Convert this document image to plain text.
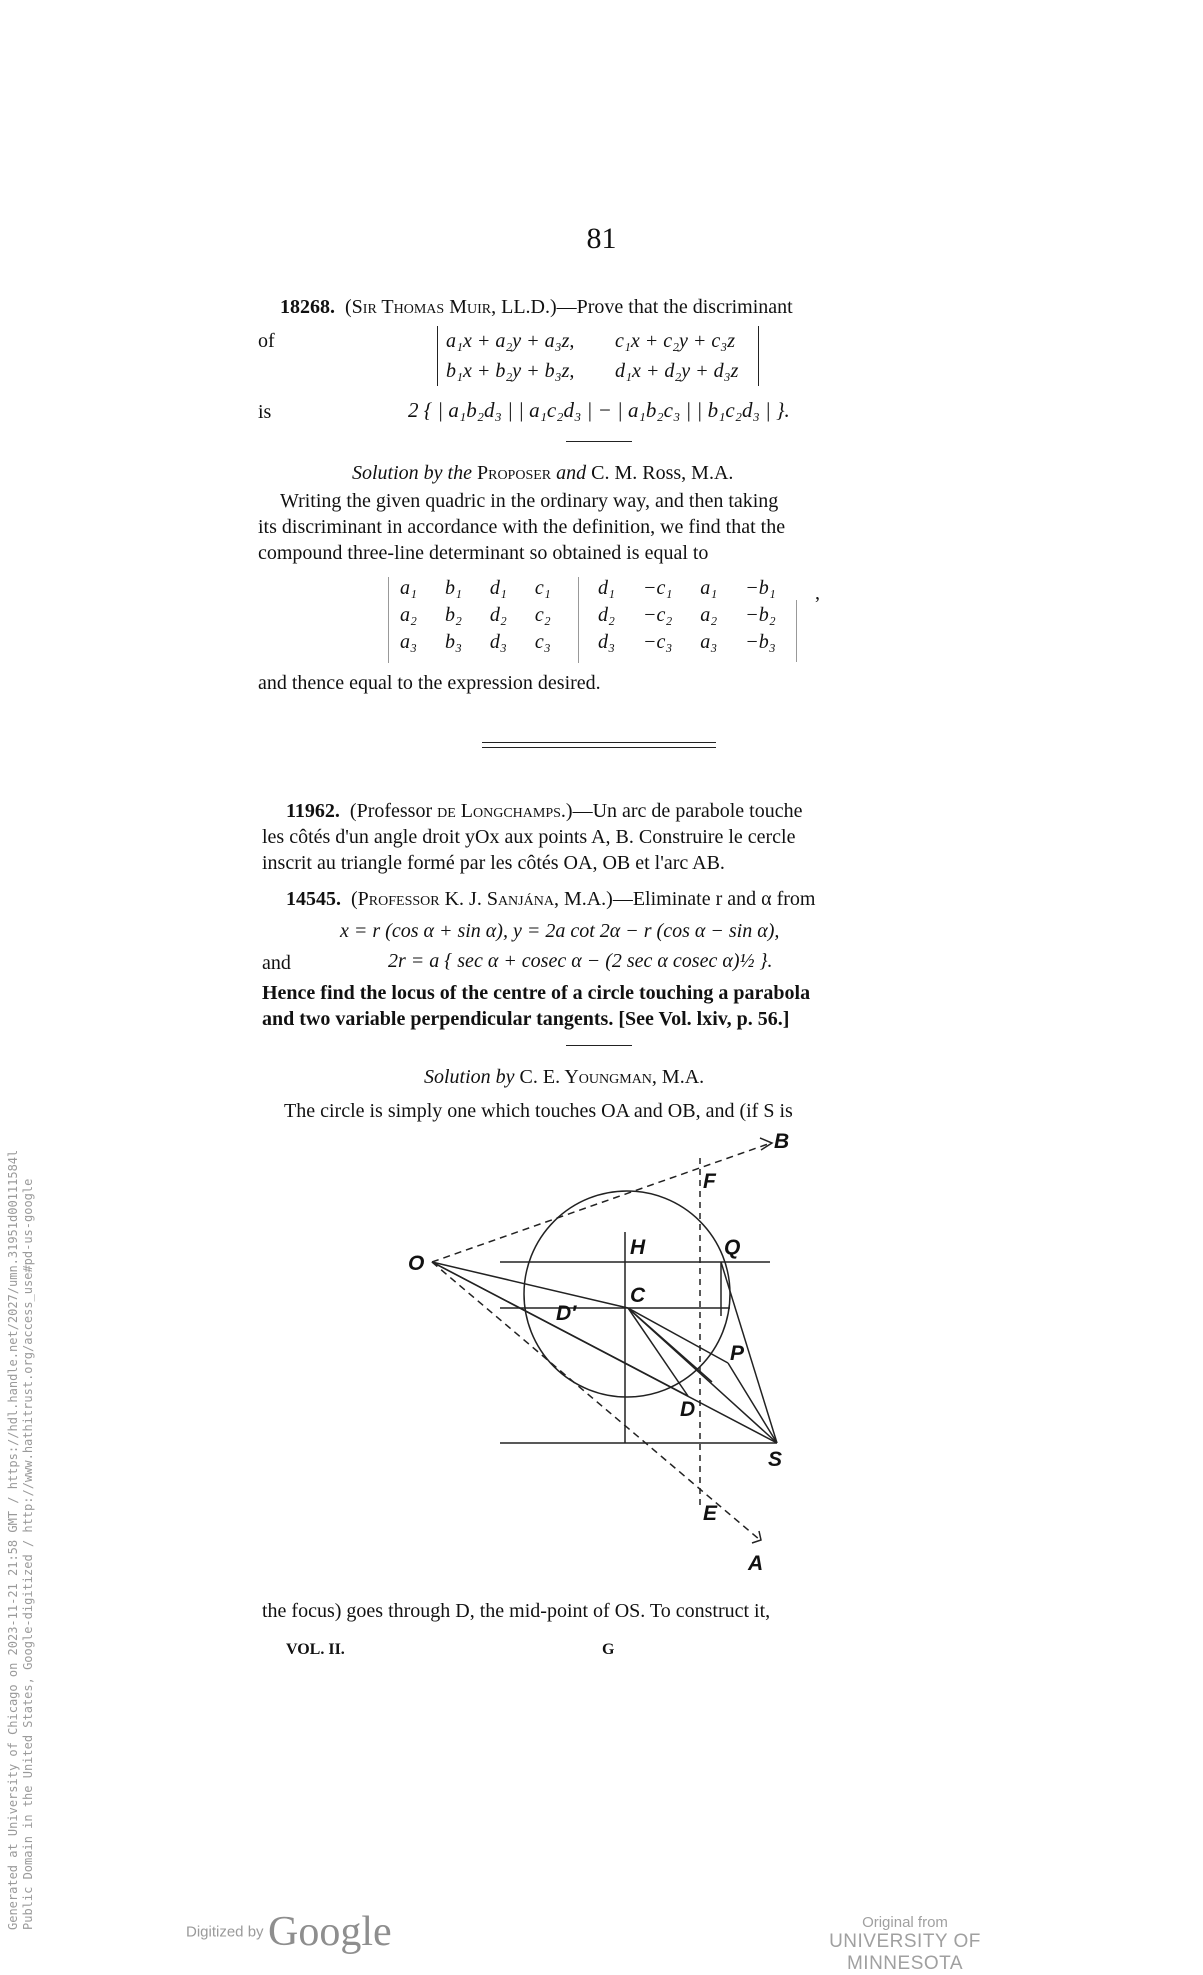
81
18268. (Sir Thomas Muir, LL.D.)—Prove that the discriminant
of	a₁x + a₂y + a₃z, c₁x + c₂y + c₃z
b₁x + b₂y + b₃z, d₁x + d₂y + d₃z
is	2 { | a₁b₂d₃ | | a₁c₂d₃ | − | a₁b₂c₃ | | b₁c₂d₃ | }.
Solution by the Proposer and C. M. Ross, M.A.
Writing the given quadric in the ordinary way, and then taking
its discriminant in accordance with the definition, we find that the
compound three-line determinant so obtained is equal to
a₁	b₁	d₁	c₁
a₂	b₂	d₂	c₂
a₃	b₃	d₃	c₃
d₁	−c₁	a₁	−b₁
d₂	−c₂	a₂	−b₂
d₃	−c₃	a₃	−b₃
,
and thence equal to the expression desired.
11962. (Professor de Longchamps.)—Un arc de parabole touche
les côtés d'un angle droit yOx aux points A, B. Construire le cercle
inscrit au triangle formé par les côtés OA, OB et l'arc AB.
14545. (Professor K. J. Sanjána, M.A.)—Eliminate r and α from
x = r (cos α + sin α), y = 2a cot 2α − r (cos α − sin α),
and	2r = a { sec α + cosec α − (2 sec α cosec α)½ }.
Hence find the locus of the centre of a circle touching a parabola
and two variable perpendicular tangents. [See Vol. lxiv, p. 56.]
Solution by C. E. Youngman, M.A.
The circle is simply one which touches OA and OB, and (if S is
O
B
F
H	Q
C
D′
P
D
S
E
A
the focus) goes through D, the mid-point of OS. To construct it,
VOL. II.	G
Generated at University of Chicago on 2023-11-21 21:58 GMT / https://hdl.handle.net/2027/umn.31951d00111584l Public Domain in the United States, Google-digitized / http://www.hathitrust.org/access_use#pd-us-google
Digitized by Google	Original from
UNIVERSITY OF MINNESOTA
